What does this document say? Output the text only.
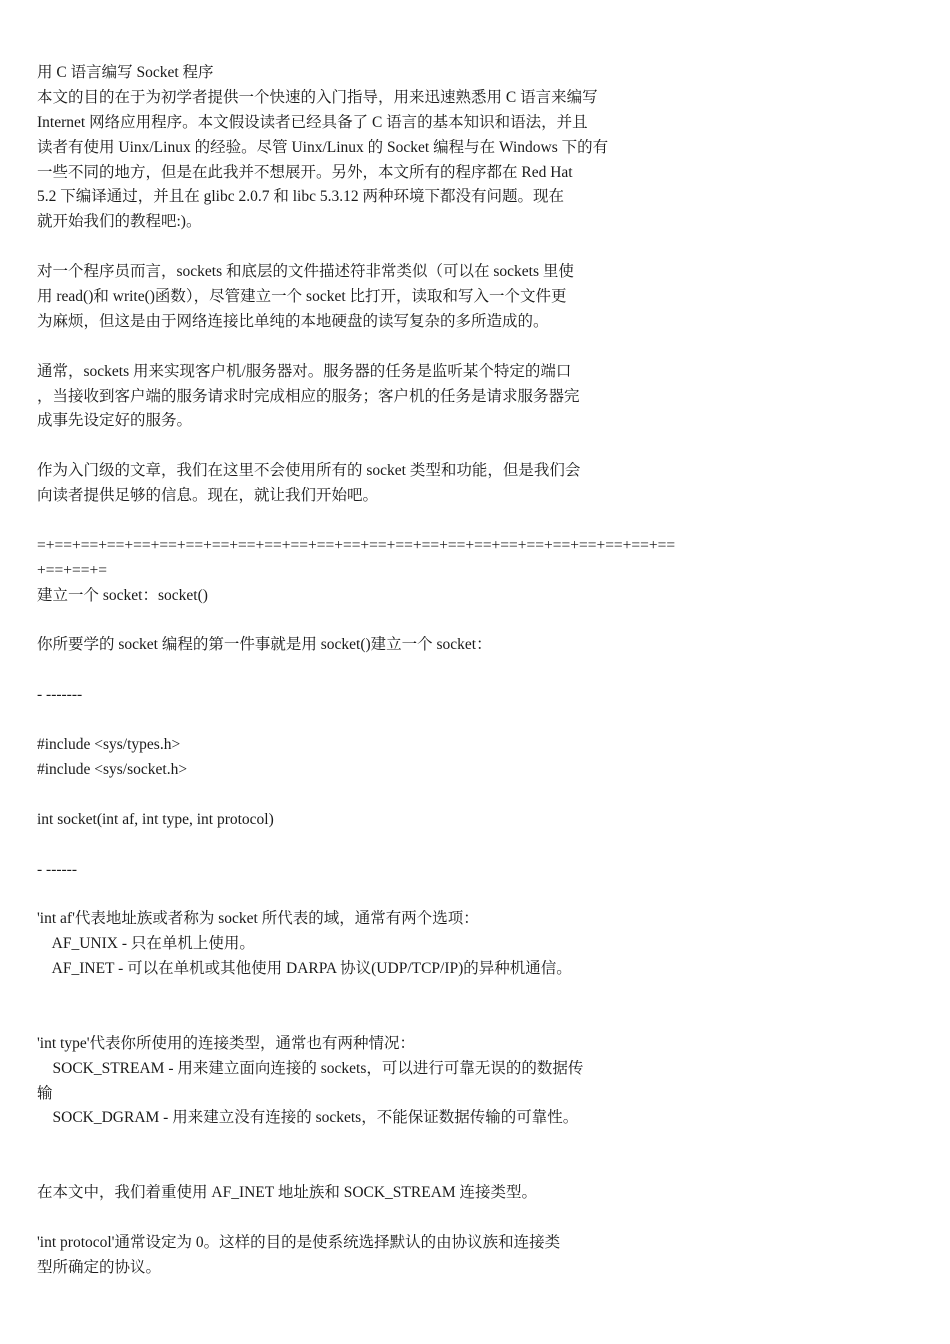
用 C 语言编写 Socket 程序
本文的目的在于为初学者提供一个快速的入门指导，用来迅速熟悉用 C 语言来编写
Internet 网络应用程序。本文假设读者已经具备了 C 语言的基本知识和语法，并且
读者有使用 Uinx/Linux 的经验。尽管 Uinx/Linux 的 Socket 编程与在 Windows 下的有
一些不同的地方，但是在此我并不想展开。另外，本文所有的程序都在 Red Hat
5.2 下编译通过，并且在 glibc 2.0.7 和 libc 5.3.12 两种环境下都没有问题。现在
就开始我们的教程吧:)。
对一个程序员而言，sockets 和底层的文件描述符非常类似（可以在 sockets 里使
用 read()和 write()函数），尽管建立一个 socket 比打开，读取和写入一个文件更
为麻烦，但这是由于网络连接比单纯的本地硬盘的读写复杂的多所造成的。
通常，sockets 用来实现客户机/服务器对。服务器的任务是监听某个特定的端口
，当接收到客户端的服务请求时完成相应的服务；客户机的任务是请求服务器完
成事先设定好的服务。
作为入门级的文章，我们在这里不会使用所有的 socket 类型和功能，但是我们会
向读者提供足够的信息。现在，就让我们开始吧。
=+==+==+==+==+==+==+==+==+==+==+==+==+==+==+==+==+==+==+==+==+==+==+==+==
+==+==+=
建立一个 socket：socket()
你所要学的 socket 编程的第一件事就是用 socket()建立一个 socket：
- -------
#include <sys/types.h>
#include <sys/socket.h>
int socket(int af, int type, int protocol)
- ------
'int af'代表地址族或者称为 socket 所代表的域，通常有两个选项：
AF_UNIX - 只在单机上使用。
AF_INET - 可以在单机或其他使用 DARPA 协议(UDP/TCP/IP)的异种机通信。
'int type'代表你所使用的连接类型，通常也有两种情况：
SOCK_STREAM - 用来建立面向连接的 sockets，可以进行可靠无误的的数据传
输
SOCK_DGRAM - 用来建立没有连接的 sockets，不能保证数据传输的可靠性。
在本文中，我们着重使用 AF_INET 地址族和 SOCK_STREAM 连接类型。
'int protocol'通常设定为 0。这样的目的是使系统选择默认的由协议族和连接类
型所确定的协议。
